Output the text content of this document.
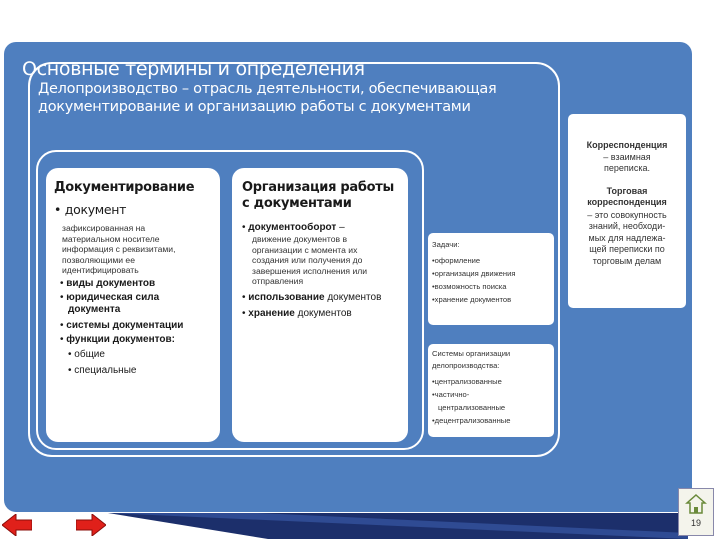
Основные термины и определения
Делопроизводство – отрасль деятельности, обеспечивающая документирование и организацию работы с документами
Документирование
• документ
зафиксированная на
материальном носителе
информация с реквизитами,
позволяющими ее
идентифицировать
• виды документов
• юридическая сила
документа
• системы документации
• функции документов:
• общие
• специальные
Организация работы с документами
• документооборот –
движение документов в
организации с момента их
создания или получения до
завершения исполнения или
отправления
• использование документов
• хранение документов
Задачи:
•оформление
•организация движения
•возможность поиска
•хранение документов
Системы организации
делопроизводства:
•централизованные
•частично-
централизованные
•децентрализованные
Корреспонденция
– взаимная
переписка.
Торговая
корреспонденция
– это совокупность
знаний, необходи-
мых для надлежа-
щей переписки по
торговым делам
19
